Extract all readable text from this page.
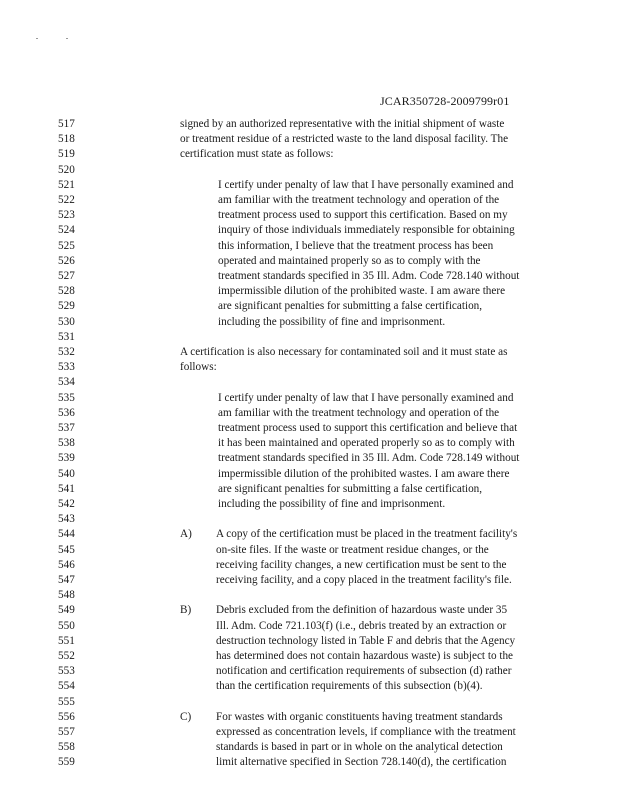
JCAR350728-2009799r01
517	signed by an authorized representative with the initial shipment of waste
518	or treatment residue of a restricted waste to the land disposal facility. The
519	certification must state as follows:
520
521	I certify under penalty of law that I have personally examined and
522	am familiar with the treatment technology and operation of the
523	treatment process used to support this certification. Based on my
524	inquiry of those individuals immediately responsible for obtaining
525	this information, I believe that the treatment process has been
526	operated and maintained properly so as to comply with the
527	treatment standards specified in 35 Ill. Adm. Code 728.140 without
528	impermissible dilution of the prohibited waste. I am aware there
529	are significant penalties for submitting a false certification,
530	including the possibility of fine and imprisonment.
531
532	A certification is also necessary for contaminated soil and it must state as
533	follows:
534
535	I certify under penalty of law that I have personally examined and
536	am familiar with the treatment technology and operation of the
537	treatment process used to support this certification and believe that
538	it has been maintained and operated properly so as to comply with
539	treatment standards specified in 35 Ill. Adm. Code 728.149 without
540	impermissible dilution of the prohibited wastes. I am aware there
541	are significant penalties for submitting a false certification,
542	including the possibility of fine and imprisonment.
543
544	A) A copy of the certification must be placed in the treatment facility's
545	on-site files. If the waste or treatment residue changes, or the
546	receiving facility changes, a new certification must be sent to the
547	receiving facility, and a copy placed in the treatment facility's file.
548
549	B) Debris excluded from the definition of hazardous waste under 35
550	Ill. Adm. Code 721.103(f) (i.e., debris treated by an extraction or
551	destruction technology listed in Table F and debris that the Agency
552	has determined does not contain hazardous waste) is subject to the
553	notification and certification requirements of subsection (d) rather
554	than the certification requirements of this subsection (b)(4).
555
556	C) For wastes with organic constituents having treatment standards
557	expressed as concentration levels, if compliance with the treatment
558	standards is based in part or in whole on the analytical detection
559	limit alternative specified in Section 728.140(d), the certification
